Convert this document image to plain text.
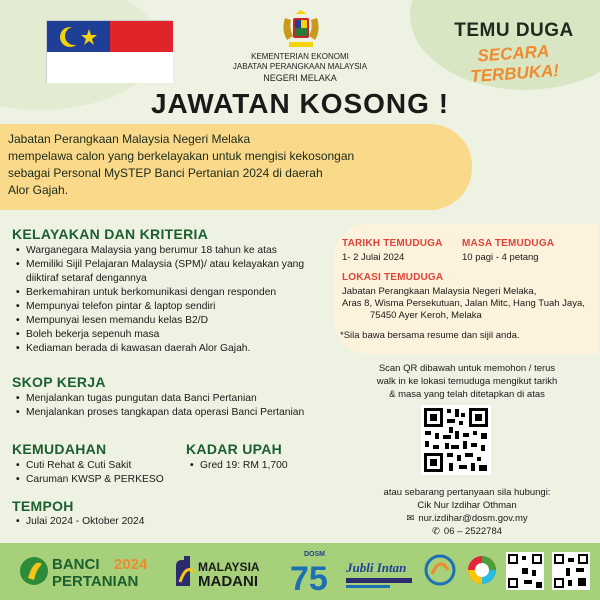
KEMENTERIAN EKONOMI
JABATAN PERANGKAAN MALAYSIA
NEGERI MELAKA
TEMU DUGA
SECARA
TERBUKA!
JAWATAN KOSONG !
Jabatan Perangkaan Malaysia Negeri Melaka
mempelawa calon yang berkelayakan untuk mengisi kekosongan
sebagai Personal MySTEP Banci Pertanian 2024 di daerah
Alor Gajah.
KELAYAKAN DAN KRITERIA
• Warganegara Malaysia yang berumur 18 tahun ke atas
• Memiliki Sijil Pelajaran Malaysia (SPM)/ atau kelayakan yang diiktiraf setaraf dengannya
• Berkemahiran untuk berkomunikasi dengan responden
• Mempunyai telefon pintar & laptop sendiri
• Mempunyai lesen memandu kelas B2/D
• Boleh bekerja sepenuh masa
• Kediaman berada di kawasan daerah Alor Gajah.
SKOP KERJA
• Menjalankan tugas pungutan data Banci Pertanian
• Menjalankan proses tangkapan data operasi Banci Pertanian
KEMUDAHAN
• Cuti Rehat & Cuti Sakit
• Caruman KWSP & PERKESO
KADAR UPAH
• Gred 19: RM 1,700
TEMPOH
• Julai 2024 - Oktober 2024
TARIKH TEMUDUGA
1- 2 Julai 2024
MASA TEMUDUGA
10 pagi - 4 petang
LOKASI TEMUDUGA
Jabatan Perangkaan Malaysia Negeri Melaka,
Aras 8, Wisma Persekutuan, Jalan Mitc, Hang Tuah Jaya,
75450 Ayer Keroh, Melaka
*Sila bawa bersama resume dan sijil anda.
Scan QR dibawah untuk memohon / terus
walk in ke lokasi temuduga mengikut tarikh
& masa yang telah ditetapkan di atas
atau sebarang pertanyaan sila hubungi:
Cik Nur Izdihar Othman
✉ nur.izdihar@dosm.gov.my
✆ 06 – 2522784
BANCI 2024
PERTANIAN
MALAYSIA
MADANI
DOSM
75 Jubli Intan
